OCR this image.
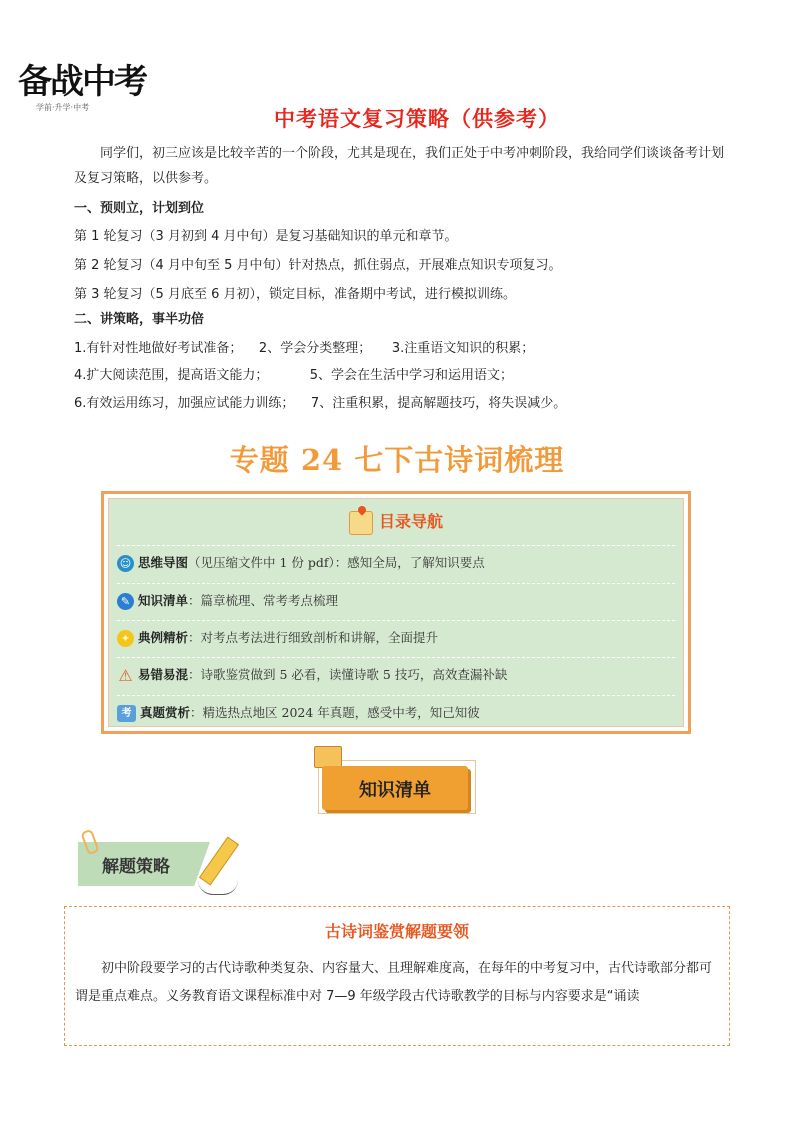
备战中考
学前·升学·中考	中考语文复习策略（供参考）
同学们，初三应该是比较辛苦的一个阶段，尤其是现在，我们正处于中考冲刺阶段，我给同学们谈谈备考计划及复习策略，以供参考。
一、预则立，计划到位
第 1 轮复习（3 月初到 4 月中旬）是复习基础知识的单元和章节。
第 2 轮复习（4 月中旬至 5 月中旬）针对热点，抓住弱点，开展难点知识专项复习。
第 3 轮复习（5 月底至 6 月初），锁定目标，准备期中考试，进行模拟训练。
二、讲策略，事半功倍
1.有针对性地做好考试准备；    2、学会分类整理；     3.注重语文知识的积累；
4.扩大阅读范围，提高语文能力；          5、学会在生活中学习和运用语文；
6.有效运用练习，加强应试能力训练；    7、注重积累，提高解题技巧，将失误减少。
专题 24 七下古诗词梳理
目录导航
☺ 思维导图（见压缩文件中 1 份 pdf）：感知全局，了解知识要点
✎ 知识清单：篇章梳理、常考考点梳理
✦ 典例精析：对考点考法进行细致剖析和讲解，全面提升
⚠ 易错易混：诗歌鉴赏做到 5 必看，读懂诗歌 5 技巧，高效查漏补缺
考 真题赏析：精选热点地区 2024 年真题，感受中考，知己知彼
知识清单
解题策略
古诗词鉴赏解题要领
初中阶段要学习的古代诗歌种类复杂、内容量大、且理解难度高，在每年的中考复习中，古代诗歌部分都可谓是重点难点。义务教育语文课程标准中对 7—9 年级学段古代诗歌教学的目标与内容要求是“诵读
